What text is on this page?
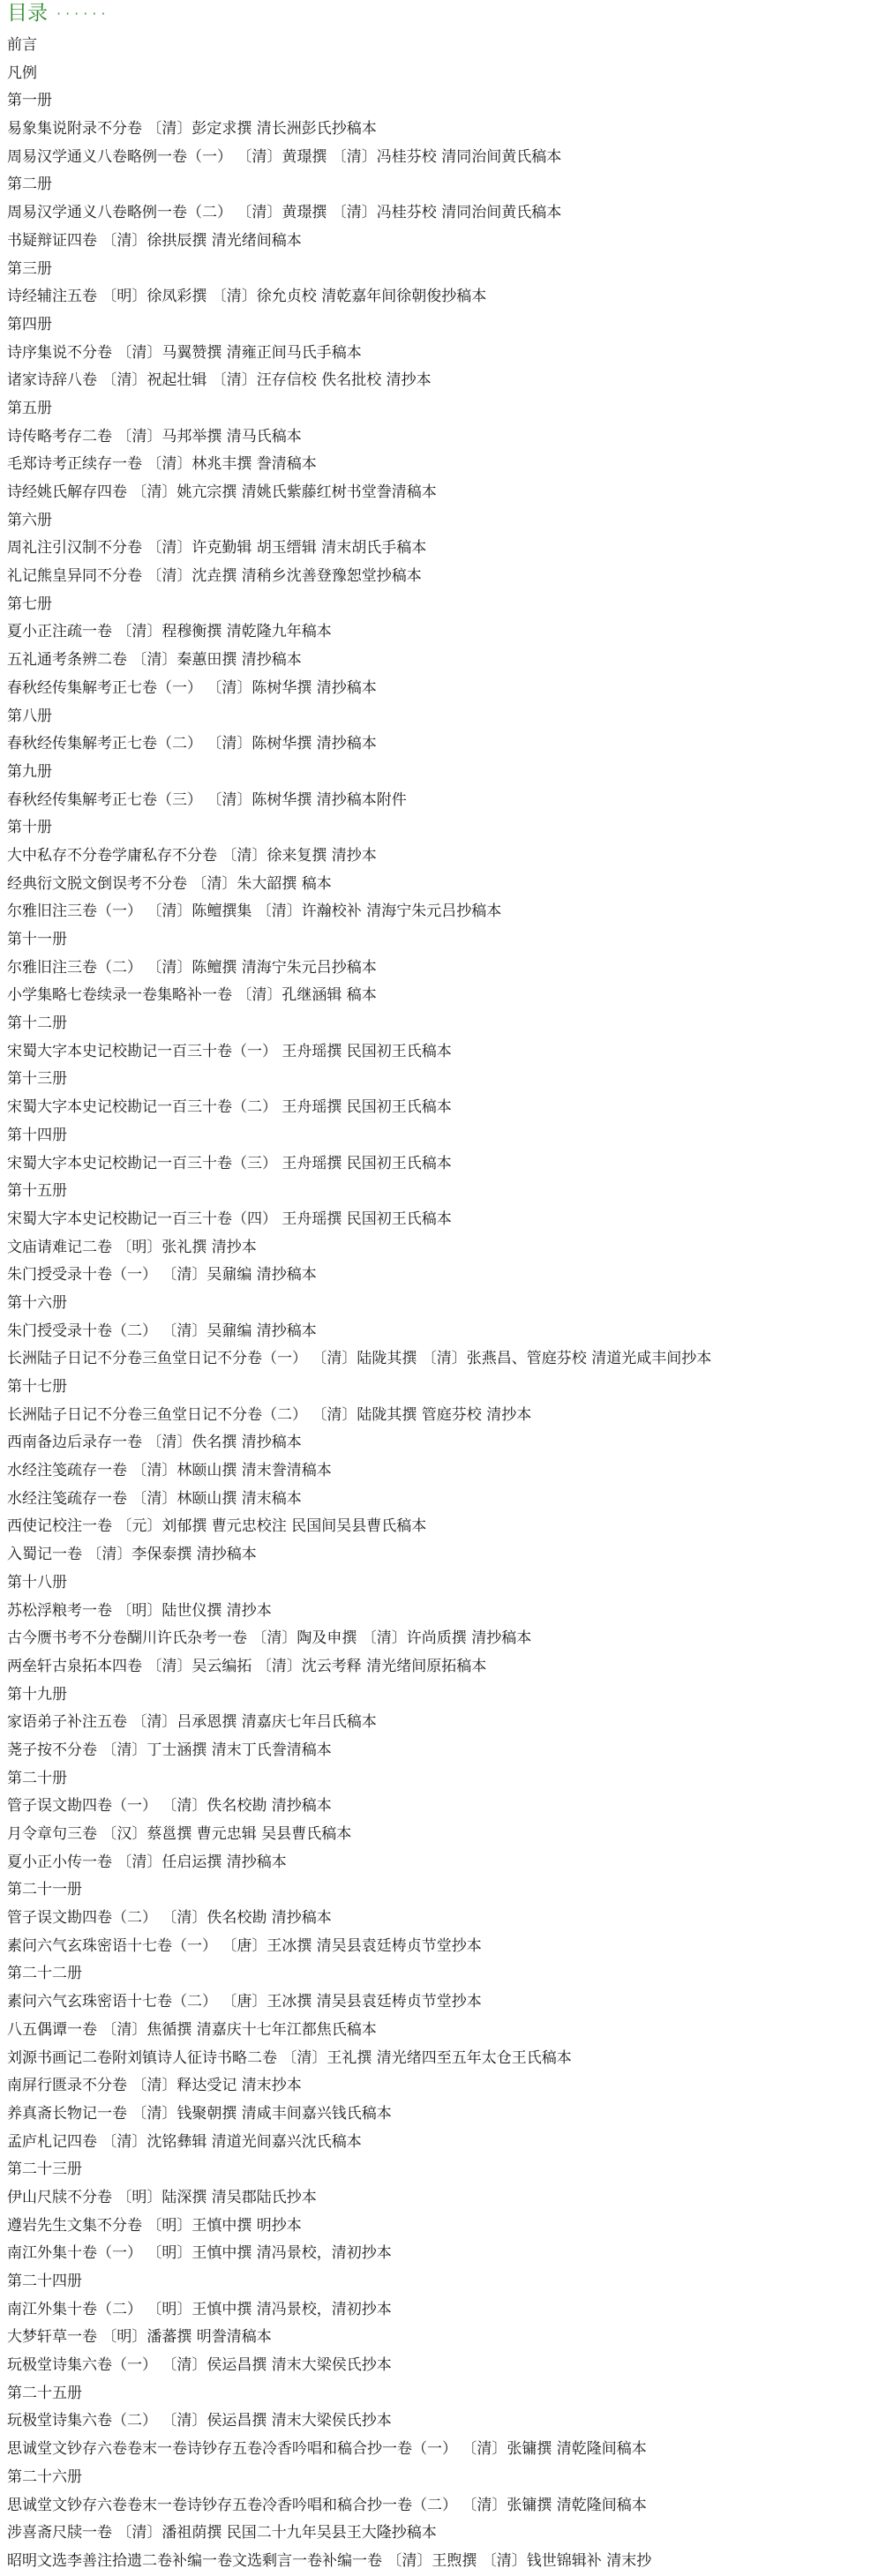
目录 ······
前言
凡例
第一册
易象集说附录不分卷 〔清〕彭定求撰 清长洲彭氏抄稿本
周易汉学通义八卷略例一卷（一） 〔清〕黄璟撰 〔清〕冯桂芬校 清同治间黄氏稿本
第二册
周易汉学通义八卷略例一卷（二） 〔清〕黄璟撰 〔清〕冯桂芬校 清同治间黄氏稿本
书疑辩证四卷 〔清〕徐拱辰撰 清光绪间稿本
第三册
诗经辅注五卷 〔明〕徐凤彩撰 〔清〕徐允贞校 清乾嘉年间徐朝俊抄稿本
第四册
诗序集说不分卷 〔清〕马翼赞撰 清雍正间马氏手稿本
诸家诗辞八卷 〔清〕祝起壮辑 〔清〕汪存信校 佚名批校 清抄本
第五册
诗传略考存二卷 〔清〕马邦举撰 清马氏稿本
毛郑诗考正续存一卷 〔清〕林兆丰撰 誊清稿本
诗经姚氏解存四卷 〔清〕姚亢宗撰 清姚氏紫藤红树书堂誊清稿本
第六册
周礼注引汉制不分卷 〔清〕许克勤辑 胡玉缙辑 清末胡氏手稿本
礼记熊皇异同不分卷 〔清〕沈垚撰 清稍乡沈善登豫恕堂抄稿本
第七册
夏小正注疏一卷 〔清〕程穆衡撰 清乾隆九年稿本
五礼通考条辨二卷 〔清〕秦蕙田撰 清抄稿本
春秋经传集解考正七卷（一） 〔清〕陈树华撰 清抄稿本
第八册
春秋经传集解考正七卷（二） 〔清〕陈树华撰 清抄稿本
第九册
春秋经传集解考正七卷（三） 〔清〕陈树华撰 清抄稿本附件
第十册
大中私存不分卷学庸私存不分卷 〔清〕徐来复撰 清抄本
经典衍文脱文倒误考不分卷 〔清〕朱大韶撰 稿本
尔雅旧注三卷（一） 〔清〕陈鳣撰集 〔清〕许瀚校补 清海宁朱元吕抄稿本
第十一册
尔雅旧注三卷（二） 〔清〕陈鳣撰 清海宁朱元吕抄稿本
小学集略七卷续录一卷集略补一卷 〔清〕孔继涵辑 稿本
第十二册
宋蜀大字本史记校勘记一百三十卷（一） 王舟瑶撰 民国初王氏稿本
第十三册
宋蜀大字本史记校勘记一百三十卷（二） 王舟瑶撰 民国初王氏稿本
第十四册
宋蜀大字本史记校勘记一百三十卷（三） 王舟瑶撰 民国初王氏稿本
第十五册
宋蜀大字本史记校勘记一百三十卷（四） 王舟瑶撰 民国初王氏稿本
文庙请难记二卷 〔明〕张礼撰 清抄本
朱门授受录十卷（一） 〔清〕吴鼐编 清抄稿本
第十六册
朱门授受录十卷（二） 〔清〕吴鼐编 清抄稿本
长洲陆子日记不分卷三鱼堂日记不分卷（一） 〔清〕陆陇其撰 〔清〕张燕昌、管庭芬校 清道光咸丰间抄本
第十七册
长洲陆子日记不分卷三鱼堂日记不分卷（二） 〔清〕陆陇其撰 管庭芬校 清抄本
西南备边后录存一卷 〔清〕佚名撰 清抄稿本
水经注笺疏存一卷 〔清〕林颐山撰 清末誊清稿本
水经注笺疏存一卷 〔清〕林颐山撰 清末稿本
西使记校注一卷 〔元〕刘郁撰 曹元忠校注 民国间吴县曹氏稿本
入蜀记一卷 〔清〕李保泰撰 清抄稿本
第十八册
苏松浮粮考一卷 〔明〕陆世仪撰 清抄本
古今赝书考不分卷醐川许氏杂考一卷 〔清〕陶及申撰 〔清〕许尚质撰 清抄稿本
两垒轩古泉拓本四卷 〔清〕吴云编拓 〔清〕沈云考释 清光绪间原拓稿本
第十九册
家语弟子补注五卷 〔清〕吕承恩撰 清嘉庆七年吕氏稿本
荛子按不分卷 〔清〕丁士涵撰 清末丁氏誊清稿本
第二十册
管子误文勘四卷（一） 〔清〕佚名校勘 清抄稿本
月令章句三卷 〔汉〕蔡邕撰 曹元忠辑 吴县曹氏稿本
夏小正小传一卷 〔清〕任启运撰 清抄稿本
第二十一册
管子误文勘四卷（二） 〔清〕佚名校勘 清抄稿本
素问六气玄珠密语十七卷（一） 〔唐〕王冰撰 清吴县袁廷梼贞节堂抄本
第二十二册
素问六气玄珠密语十七卷（二） 〔唐〕王冰撰 清吴县袁廷梼贞节堂抄本
八五偶谭一卷 〔清〕焦循撰 清嘉庆十七年江都焦氏稿本
刘源书画记二卷附刘镇诗人征诗书略二卷 〔清〕王礼撰 清光绪四至五年太仓王氏稿本
南屏行匮录不分卷 〔清〕释达受记 清末抄本
养真斋长物记一卷 〔清〕钱聚朝撰 清咸丰间嘉兴钱氏稿本
孟庐札记四卷 〔清〕沈铭彝辑 清道光间嘉兴沈氏稿本
第二十三册
伊山尺牍不分卷 〔明〕陆深撰 清吴郡陆氏抄本
遵岩先生文集不分卷 〔明〕王慎中撰 明抄本
南江外集十卷（一） 〔明〕王慎中撰 清冯景校，清初抄本
第二十四册
南江外集十卷（二） 〔明〕王慎中撰 清冯景校，清初抄本
大梦轩草一卷 〔明〕潘蕃撰 明誊清稿本
玩极堂诗集六卷（一） 〔清〕侯运昌撰 清末大梁侯氏抄本
第二十五册
玩极堂诗集六卷（二） 〔清〕侯运昌撰 清末大梁侯氏抄本
思诚堂文钞存六卷卷末一卷诗钞存五卷冷香吟唱和稿合抄一卷（一） 〔清〕张镛撰 清乾隆间稿本
第二十六册
思诚堂文钞存六卷卷末一卷诗钞存五卷冷香吟唱和稿合抄一卷（二） 〔清〕张镛撰 清乾隆间稿本
涉喜斋尺牍一卷 〔清〕潘祖荫撰 民国二十九年吴县王大隆抄稿本
昭明文选李善注拾遗二卷补编一卷文选剩言一卷补编一卷 〔清〕王煦撰 〔清〕钱世锦辑补 清末抄
